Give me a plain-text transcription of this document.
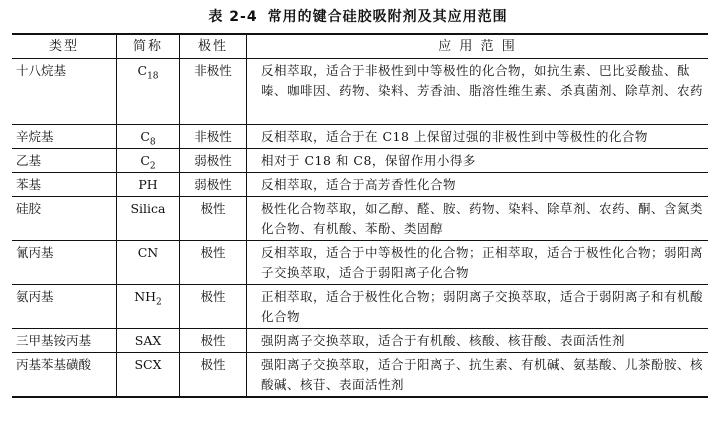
表 2-4 常用的键合硅胶吸附剂及其应用范围
类型	简称	极性	应 用 范 围
十八烷基	$C_{18}$	非极性	反相萃取，适合于非极性到中等极性的化合物，如抗生素、巴比妥酸盐、酞嗪、咖啡因、药物、染料、芳香油、脂溶性维生素、杀真菌剂、除草剂、农药
辛烷基	$C_8$	非极性	反相萃取，适合于在 C18 上保留过强的非极性到中等极性的化合物
乙基	$C_2$	弱极性	相对于 C18 和 C8，保留作用小得多
苯基	PH	弱极性	反相萃取，适合于高芳香性化合物
硅胶	Silica	极性	极性化合物萃取，如乙醇、醛、胺、药物、染料、除草剂、农药、酮、含氮类化合物、有机酸、苯酚、类固醇
氰丙基	CN	极性	反相萃取，适合于中等极性的化合物；正相萃取，适合于极性化合物；弱阳离子交换萃取，适合于弱阳离子化合物
氨丙基	$NH_2$	极性	正相萃取，适合于极性化合物；弱阴离子交换萃取，适合于弱阴离子和有机酸化合物
三甲基铵丙基	SAX	极性	强阴离子交换萃取，适合于有机酸、核酸、核苷酸、表面活性剂
丙基苯基磺酸	SCX	极性	强阳离子交换萃取，适合于阳离子、抗生素、有机碱、氨基酸、儿茶酚胺、核酸碱、核苷、表面活性剂
